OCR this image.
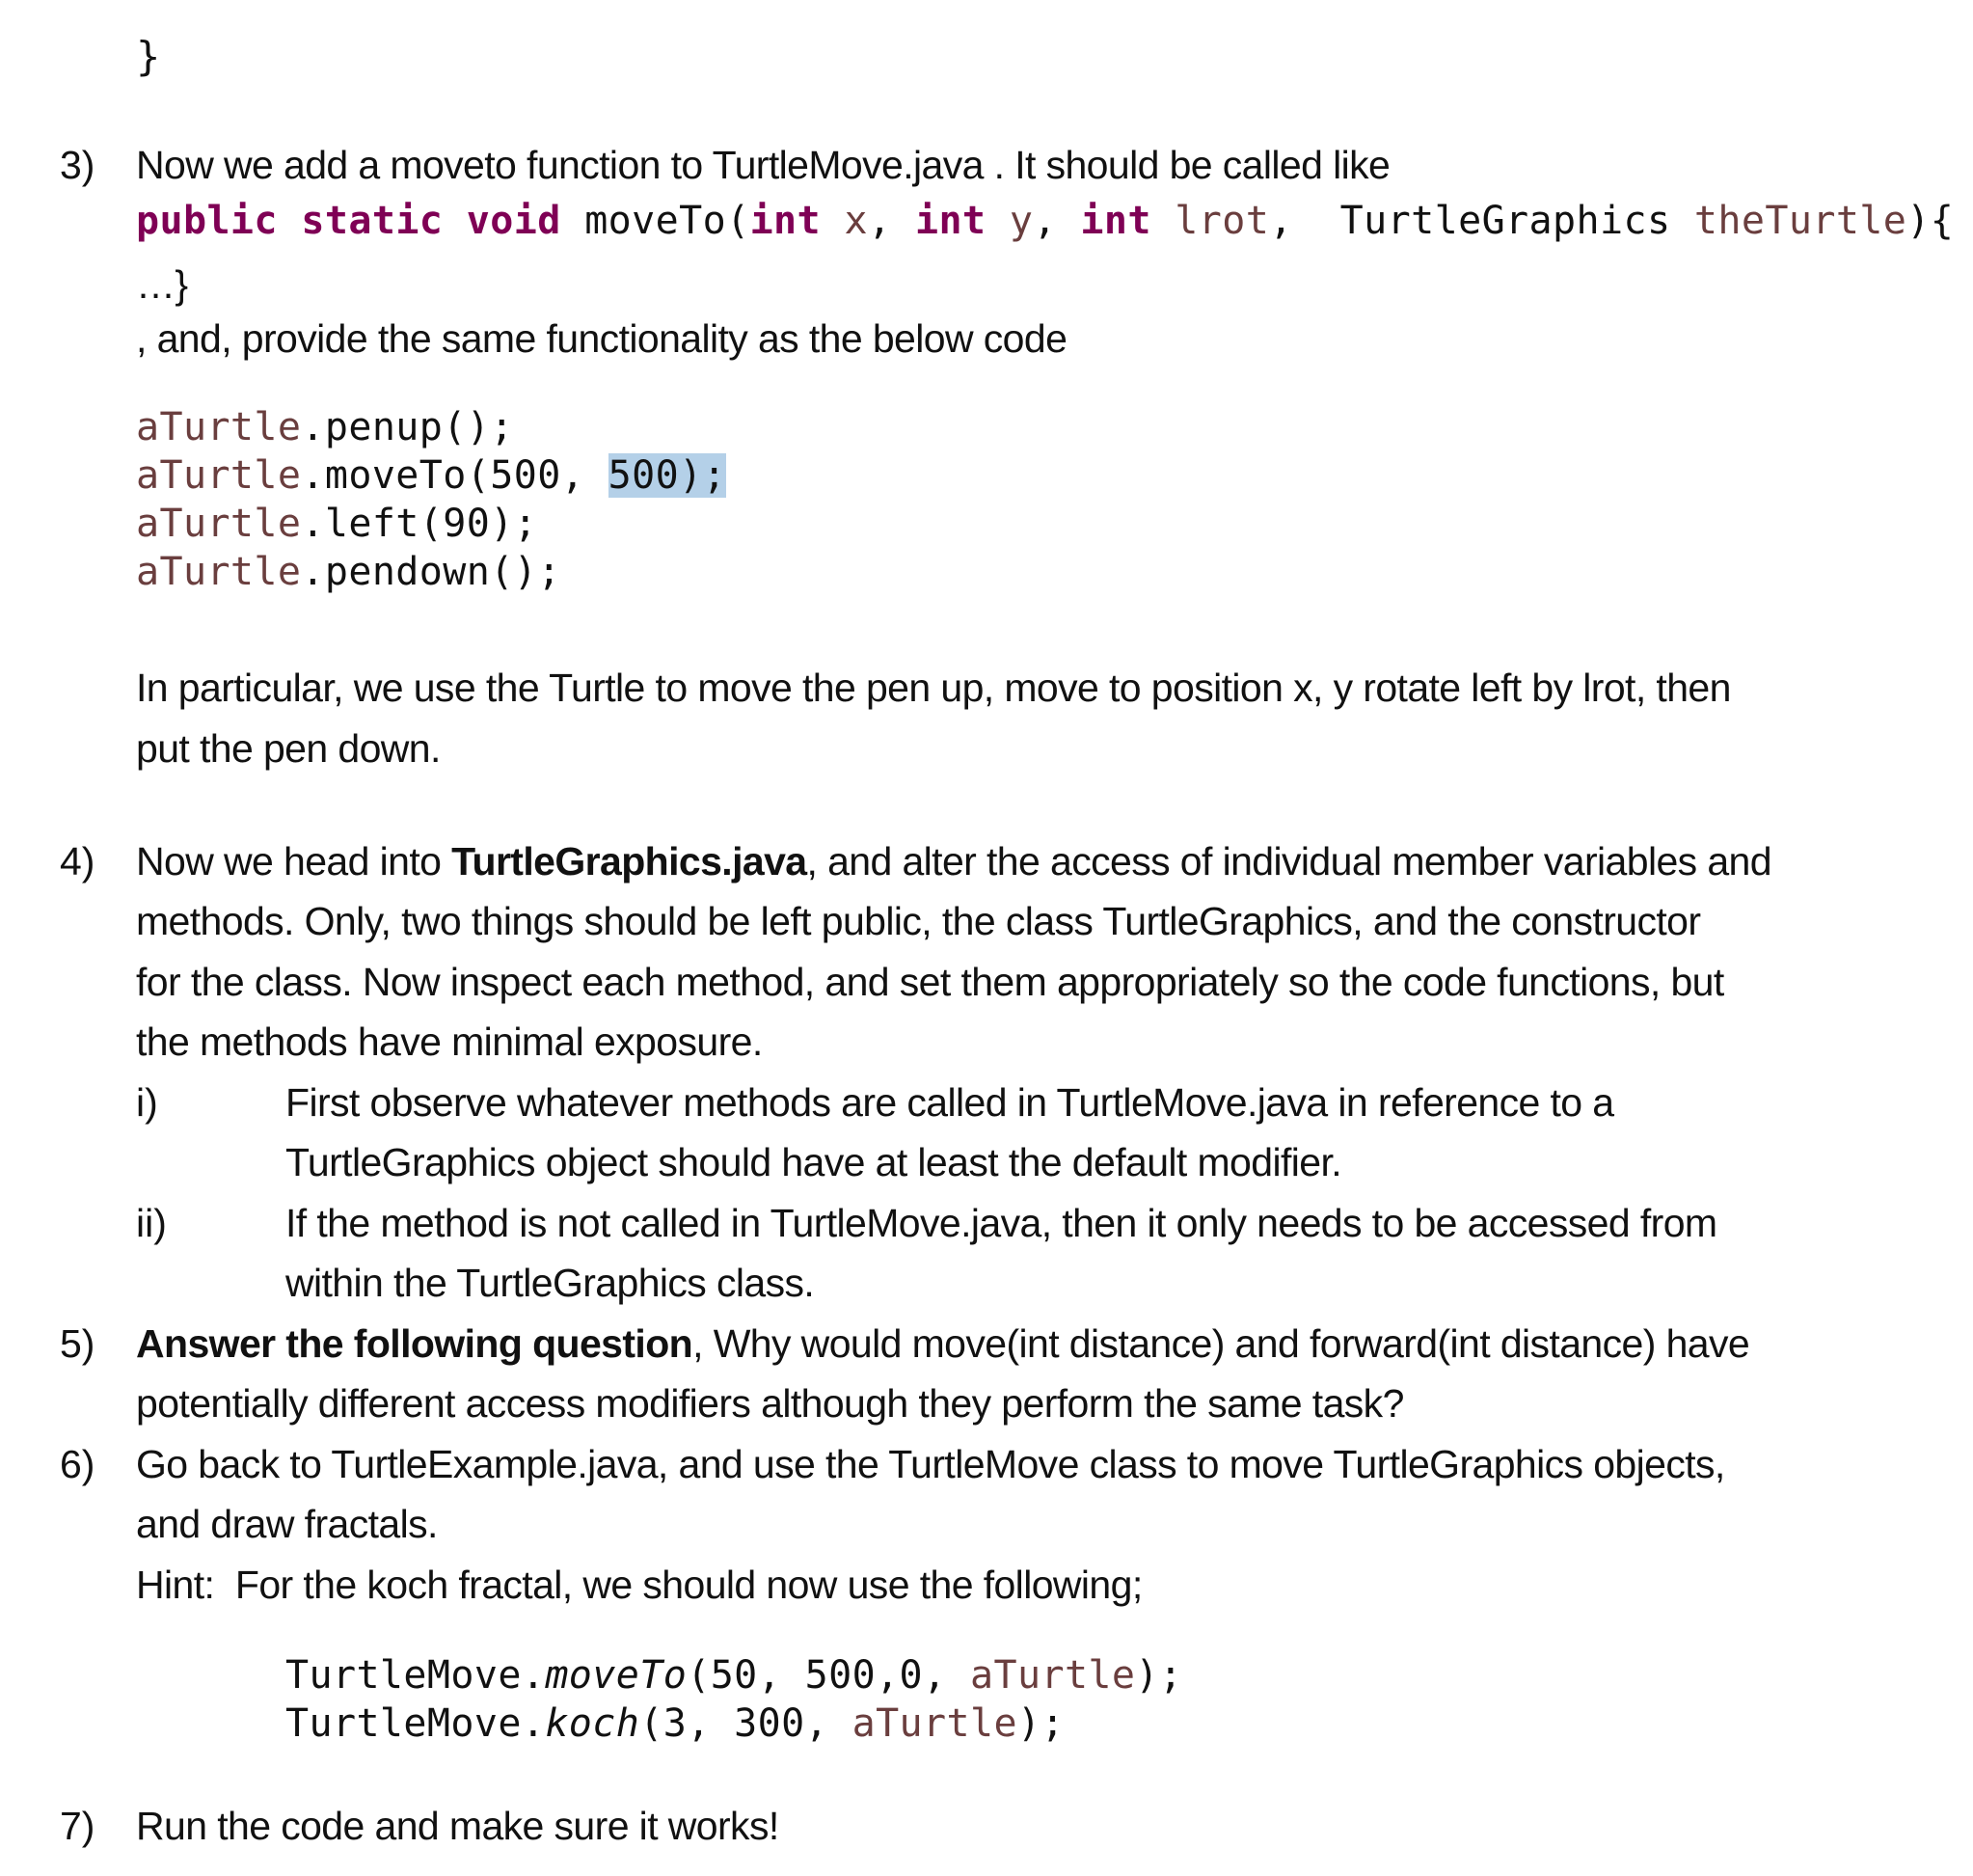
}
3) Now we add a moveto function to TurtleMove.java . It should be called like
public static void moveTo(int x, int y, int lrot,  TurtleGraphics theTurtle){
…}
, and, provide the same functionality as the below code
aTurtle.penup();
aTurtle.moveTo(500, 500);
aTurtle.left(90);
aTurtle.pendown();
In particular, we use the Turtle to move the pen up, move to position x, y rotate left by lrot, then
put the pen down.
4) Now we head into TurtleGraphics.java, and alter the access of individual member variables and
methods. Only, two things should be left public, the class TurtleGraphics, and the constructor
for the class. Now inspect each method, and set them appropriately so the code functions, but
the methods have minimal exposure.
i)	First observe whatever methods are called in TurtleMove.java in reference to a
TurtleGraphics object should have at least the default modifier.
ii)	If the method is not called in TurtleMove.java, then it only needs to be accessed from
within the TurtleGraphics class.
5) Answer the following question, Why would move(int distance) and forward(int distance) have
potentially different access modifiers although they perform the same task?
6) Go back to TurtleExample.java, and use the TurtleMove class to move TurtleGraphics objects,
and draw fractals.
Hint:  For the koch fractal, we should now use the following;
TurtleMove.moveTo(50, 500,0, aTurtle);
TurtleMove.koch(3, 300, aTurtle);
7) Run the code and make sure it works!
